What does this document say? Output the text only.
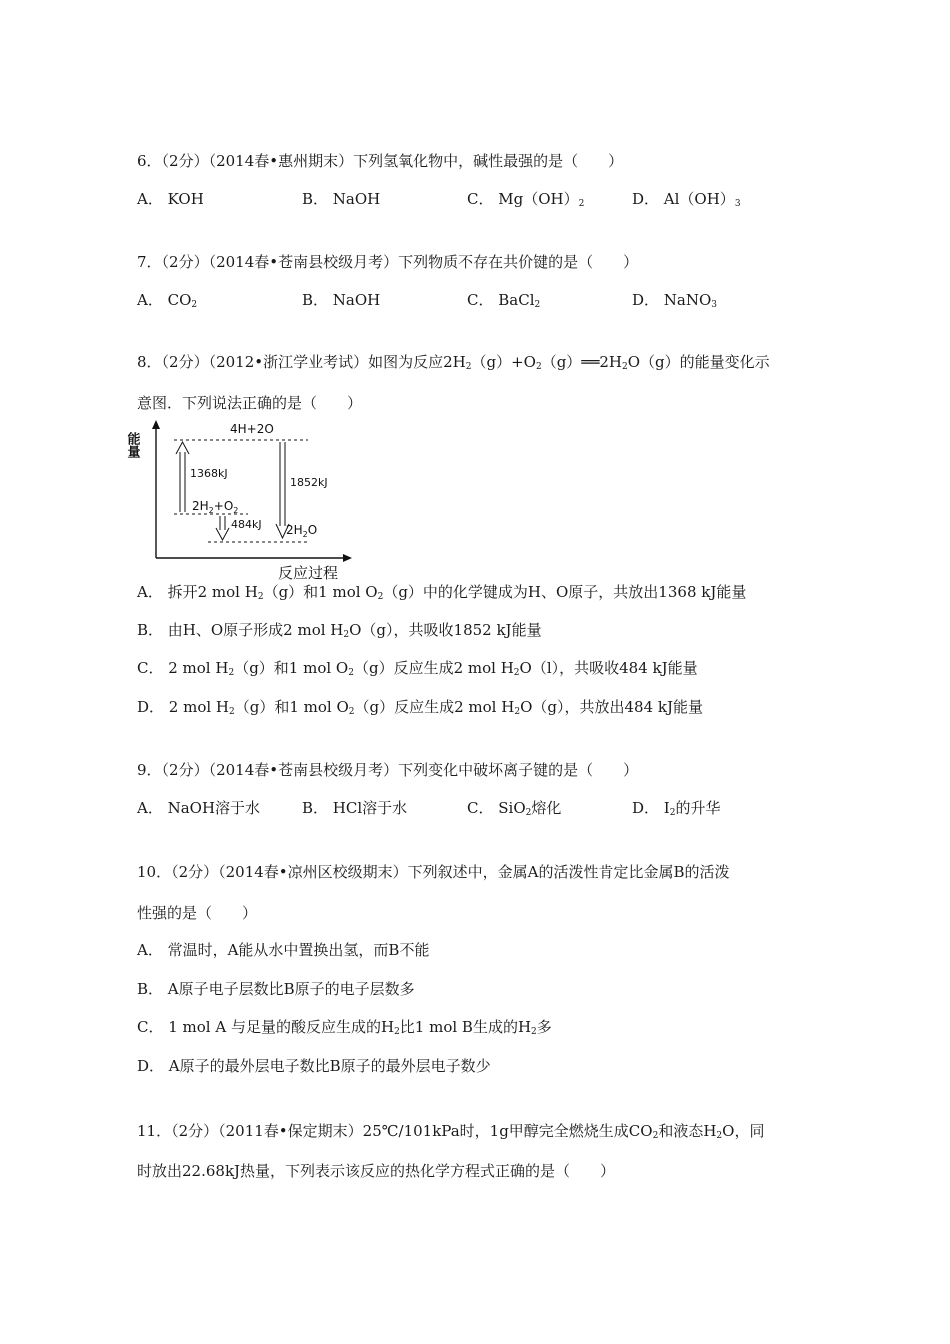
6．（2分）（2014春•惠州期末）下列氢氧化物中，碱性最强的是（　　）
A． KOH	B． NaOH	C． $Mg(OH)_2$	D． $Al(OH)_3$
7．（2分）（2014春•苍南县校级月考）下列物质不存在共价键的是（　　）
A． $CO_2$	B． NaOH	C． BaCl$_2$	D． NaNO$_3$
8．（2分）（2012•浙江学业考试）如图为反应$2H_2(g)+O_2(g)══2H_2O(g)$的能量变化示
意图．下列说法正确的是（　　）
能量
反应过程
4H+2O
$2H_2+O_2$
$2H_2O$
1368kJ
1852kJ
484kJ
A． 拆开2 mol $H_2(g)$和1 mol $O_2(g)$中的化学键成为H、O原子，共放出1368 kJ能量
B． 由H、O原子形成2 mol $H_2O(g)$，共吸收1852 kJ能量
C． 2 mol $H_2(g)$和1 mol $O_2(g)$反应生成2 mol $H_2O(l)$，共吸收484 kJ能量
D． 2 mol $H_2(g)$和1 mol $O_2(g)$反应生成2 mol $H_2O(g)$，共放出484 kJ能量
9．（2分）（2014春•苍南县校级月考）下列变化中破坏离子键的是（　　）
A． NaOH溶于水	B． HCl溶于水	C． SiO$_2$熔化	D． $I_2$的升华
10．（2分）（2014春•凉州区校级期末）下列叙述中，金属A的活泼性肯定比金属B的活泼
性强的是（　　）
A． 常温时，A能从水中置换出氢，而B不能
B． A原子电子层数比B原子的电子层数多
C． 1 mol A 与足量的酸反应生成的$H_2$比1 mol B生成的$H_2$多
D． A原子的最外层电子数比B原子的最外层电子数少
11．（2分）（2011春•保定期末）25℃/101kPa时，1g甲醇完全燃烧生成$CO_2$和液态$H_2O$，同
时放出22.68kJ热量，下列表示该反应的热化学方程式正确的是（　　）
